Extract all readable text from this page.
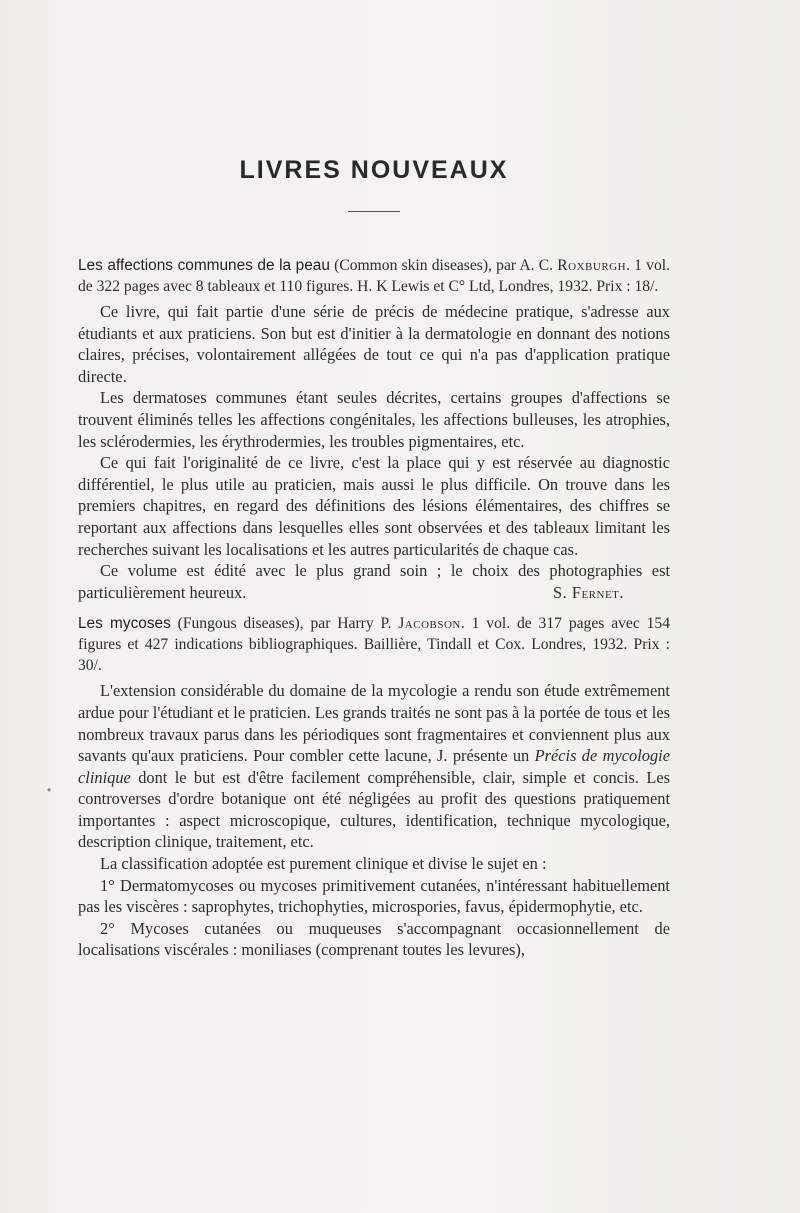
•
LIVRES NOUVEAUX

Les affections communes de la peau (Common skin diseases), par A. C. Roxburgh. 1 vol. de 322 pages avec 8 tableaux et 110 figures. H. K Lewis et C° Ltd, Londres, 1932. Prix : 18/.

Ce livre, qui fait partie d'une série de précis de médecine pratique, s'adresse aux étudiants et aux praticiens. Son but est d'initier à la dermatologie en donnant des notions claires, précises, volontairement allégées de tout ce qui n'a pas d'application pratique directe.

Les dermatoses communes étant seules décrites, certains groupes d'affections se trouvent éliminés telles les affections congénitales, les affections bulleuses, les atrophies, les sclérodermies, les érythrodermies, les troubles pigmentaires, etc.

Ce qui fait l'originalité de ce livre, c'est la place qui y est réservée au diagnostic différentiel, le plus utile au praticien, mais aussi le plus difficile. On trouve dans les premiers chapitres, en regard des définitions des lésions élémentaires, des chiffres se reportant aux affections dans lesquelles elles sont observées et des tableaux limitant les recherches suivant les localisations et les autres particularités de chaque cas.

Ce volume est édité avec le plus grand soin ; le choix des photographies est particulièrement heureux.	S. Fernet.

Les mycoses (Fungous diseases), par Harry P. Jacobson. 1 vol. de 317 pages avec 154 figures et 427 indications bibliographiques. Baillière, Tindall et Cox. Londres, 1932. Prix : 30/.

L'extension considérable du domaine de la mycologie a rendu son étude extrêmement ardue pour l'étudiant et le praticien. Les grands traités ne sont pas à la portée de tous et les nombreux travaux parus dans les périodiques sont fragmentaires et conviennent plus aux savants qu'aux praticiens. Pour combler cette lacune, J. présente un Précis de mycologie clinique dont le but est d'être facilement compréhensible, clair, simple et concis. Les controverses d'ordre botanique ont été négligées au profit des questions pratiquement importantes : aspect microscopique, cultures, identification, technique mycologique, description clinique, traitement, etc.

La classification adoptée est purement clinique et divise le sujet en :

1° Dermatomycoses ou mycoses primitivement cutanées, n'intéressant habituellement pas les viscères : saprophytes, trichophyties, microspories, favus, épidermophytie, etc.

2° Mycoses cutanées ou muqueuses s'accompagnant occasionnellement de localisations viscérales : moniliases (comprenant toutes les levures),
